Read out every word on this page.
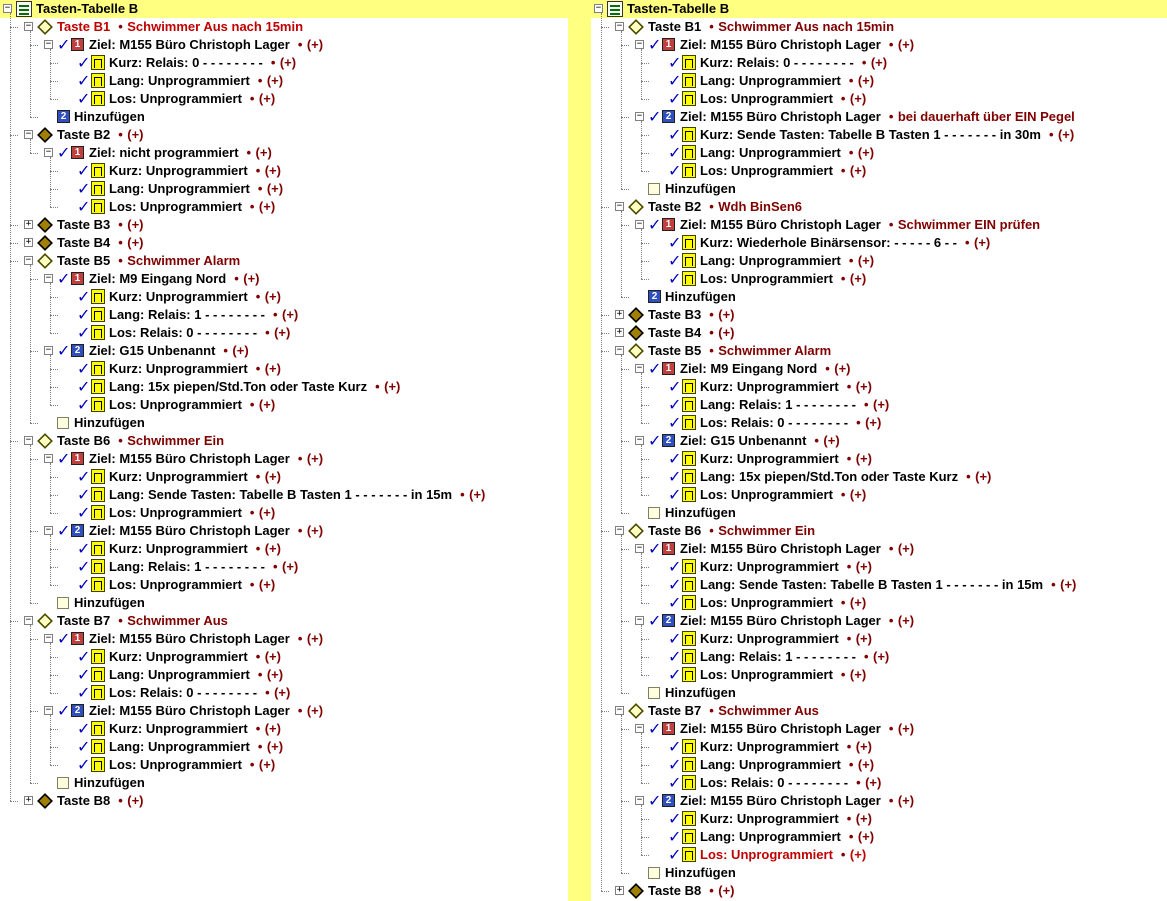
− Tasten-Tabelle B
− Taste B1 • Schwimmer Aus nach 15min
− ✓ 1 Ziel: M155 Büro Christoph Lager • (+)
✓ Kurz: Relais: 0 - - - - - - - - • (+)
✓ Lang: Unprogrammiert • (+)
✓ Los: Unprogrammiert • (+)
2 Hinzufügen
− Taste B2 • (+)
− ✓ 1 Ziel: nicht programmiert • (+)
✓ Kurz: Unprogrammiert • (+)
✓ Lang: Unprogrammiert • (+)
✓ Los: Unprogrammiert • (+)
+ Taste B3 • (+)
+ Taste B4 • (+)
− Taste B5 • Schwimmer Alarm
− ✓ 1 Ziel: M9 Eingang Nord • (+)
✓ Kurz: Unprogrammiert • (+)
✓ Lang: Relais: 1 - - - - - - - - • (+)
✓ Los: Relais: 0 - - - - - - - - • (+)
− ✓ 2 Ziel: G15 Unbenannt • (+)
✓ Kurz: Unprogrammiert • (+)
✓ Lang: 15x piepen/Std.Ton oder Taste Kurz • (+)
✓ Los: Unprogrammiert • (+)
Hinzufügen
− Taste B6 • Schwimmer Ein
− ✓ 1 Ziel: M155 Büro Christoph Lager • (+)
✓ Kurz: Unprogrammiert • (+)
✓ Lang: Sende Tasten: Tabelle B Tasten 1 - - - - - - - in 15m • (+)
✓ Los: Unprogrammiert • (+)
− ✓ 2 Ziel: M155 Büro Christoph Lager • (+)
✓ Kurz: Unprogrammiert • (+)
✓ Lang: Relais: 1 - - - - - - - - • (+)
✓ Los: Unprogrammiert • (+)
Hinzufügen
− Taste B7 • Schwimmer Aus
− ✓ 1 Ziel: M155 Büro Christoph Lager • (+)
✓ Kurz: Unprogrammiert • (+)
✓ Lang: Unprogrammiert • (+)
✓ Los: Relais: 0 - - - - - - - - • (+)
− ✓ 2 Ziel: M155 Büro Christoph Lager • (+)
✓ Kurz: Unprogrammiert • (+)
✓ Lang: Unprogrammiert • (+)
✓ Los: Unprogrammiert • (+)
Hinzufügen
+ Taste B8 • (+)
− Tasten-Tabelle B
− Taste B1 • Schwimmer Aus nach 15min
− ✓ 1 Ziel: M155 Büro Christoph Lager • (+)
✓ Kurz: Relais: 0 - - - - - - - - • (+)
✓ Lang: Unprogrammiert • (+)
✓ Los: Unprogrammiert • (+)
− ✓ 2 Ziel: M155 Büro Christoph Lager • bei dauerhaft über EIN Pegel
✓ Kurz: Sende Tasten: Tabelle B Tasten 1 - - - - - - - in 30m • (+)
✓ Lang: Unprogrammiert • (+)
✓ Los: Unprogrammiert • (+)
Hinzufügen
− Taste B2 • Wdh BinSen6
− ✓ 1 Ziel: M155 Büro Christoph Lager • Schwimmer EIN prüfen
✓ Kurz: Wiederhole Binärsensor: - - - - - 6 - - • (+)
✓ Lang: Unprogrammiert • (+)
✓ Los: Unprogrammiert • (+)
2 Hinzufügen
+ Taste B3 • (+)
+ Taste B4 • (+)
− Taste B5 • Schwimmer Alarm
− ✓ 1 Ziel: M9 Eingang Nord • (+)
✓ Kurz: Unprogrammiert • (+)
✓ Lang: Relais: 1 - - - - - - - - • (+)
✓ Los: Relais: 0 - - - - - - - - • (+)
− ✓ 2 Ziel: G15 Unbenannt • (+)
✓ Kurz: Unprogrammiert • (+)
✓ Lang: 15x piepen/Std.Ton oder Taste Kurz • (+)
✓ Los: Unprogrammiert • (+)
Hinzufügen
− Taste B6 • Schwimmer Ein
− ✓ 1 Ziel: M155 Büro Christoph Lager • (+)
✓ Kurz: Unprogrammiert • (+)
✓ Lang: Sende Tasten: Tabelle B Tasten 1 - - - - - - - in 15m • (+)
✓ Los: Unprogrammiert • (+)
− ✓ 2 Ziel: M155 Büro Christoph Lager • (+)
✓ Kurz: Unprogrammiert • (+)
✓ Lang: Relais: 1 - - - - - - - - • (+)
✓ Los: Unprogrammiert • (+)
Hinzufügen
− Taste B7 • Schwimmer Aus
− ✓ 1 Ziel: M155 Büro Christoph Lager • (+)
✓ Kurz: Unprogrammiert • (+)
✓ Lang: Unprogrammiert • (+)
✓ Los: Relais: 0 - - - - - - - - • (+)
− ✓ 2 Ziel: M155 Büro Christoph Lager • (+)
✓ Kurz: Unprogrammiert • (+)
✓ Lang: Unprogrammiert • (+)
✓ Los: Unprogrammiert • (+)
Hinzufügen
+ Taste B8 • (+)
